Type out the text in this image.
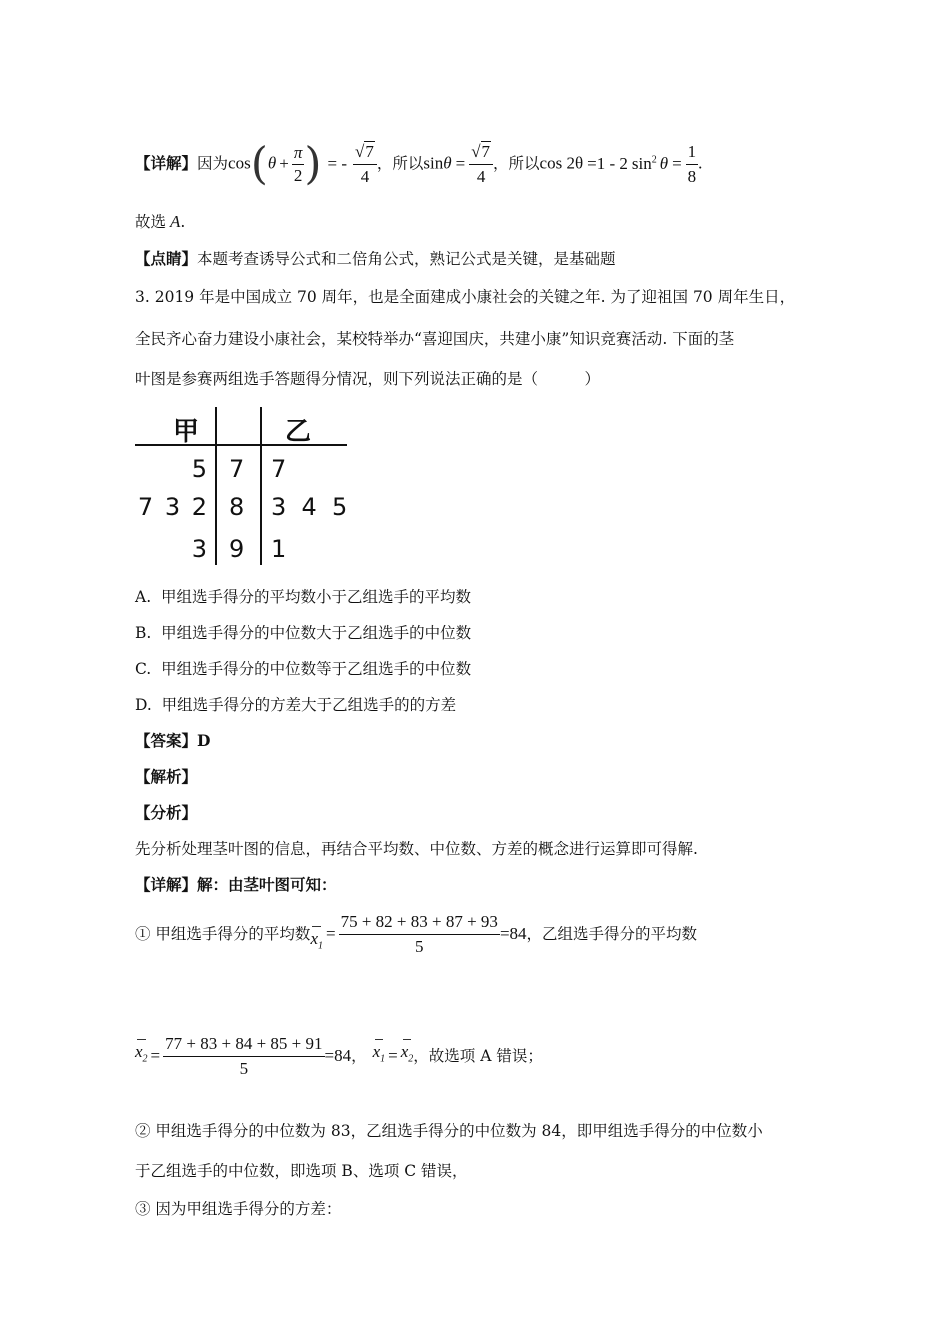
【详解】因为$\cos(\theta + \frac{\pi}{2}$ ) = - $\frac{√7}{4}$ ，所以$\sin\theta = \frac{√7}{4}$ ，所以cos 2θ =1 - 2 $\sin^2 \theta = \frac{1}{8}$ .
故选 A.
【点睛】本题考查诱导公式和二倍角公式，熟记公式是关键，是基础题
3. 2019 年是中国成立 70 周年，也是全面建成小康社会的关键之年. 为了迎祖国 70 周年生日，
全民齐心奋力建设小康社会，某校特举办“喜迎国庆，共建小康”知识竞赛活动. 下面的茎
叶图是参赛两组选手答题得分情况，则下列说法正确的是（　　　）
甲	乙
5 7 7
7 3 2 8 3  4  5
3 9 1
A.  甲组选手得分的平均数小于乙组选手的平均数
B.  甲组选手得分的中位数大于乙组选手的中位数
C.  甲组选手得分的中位数等于乙组选手的中位数
D.  甲组选手得分的方差大于乙组选手的的方差
【答案】D
【解析】
【分析】
先分析处理茎叶图的信息，再结合平均数、中位数、方差的概念进行运算即可得解.
【详解】解：由茎叶图可知：
① 甲组选手得分的平均数
$x_1= \frac{75 + 82 + 83 + 87 + 93}{5} =84$，乙组选手得分的平均数
$x_2 = \frac{77 + 83 + 84 + 85 + 91}{5} =84$， $x_1 = x_2$，故选项 A 错误；
② 甲组选手得分的中位数为 83，乙组选手得分的中位数为 84，即甲组选手得分的中位数小
于乙组选手的中位数，即选项 B、选项 C 错误，
③ 因为甲组选手得分的方差：
